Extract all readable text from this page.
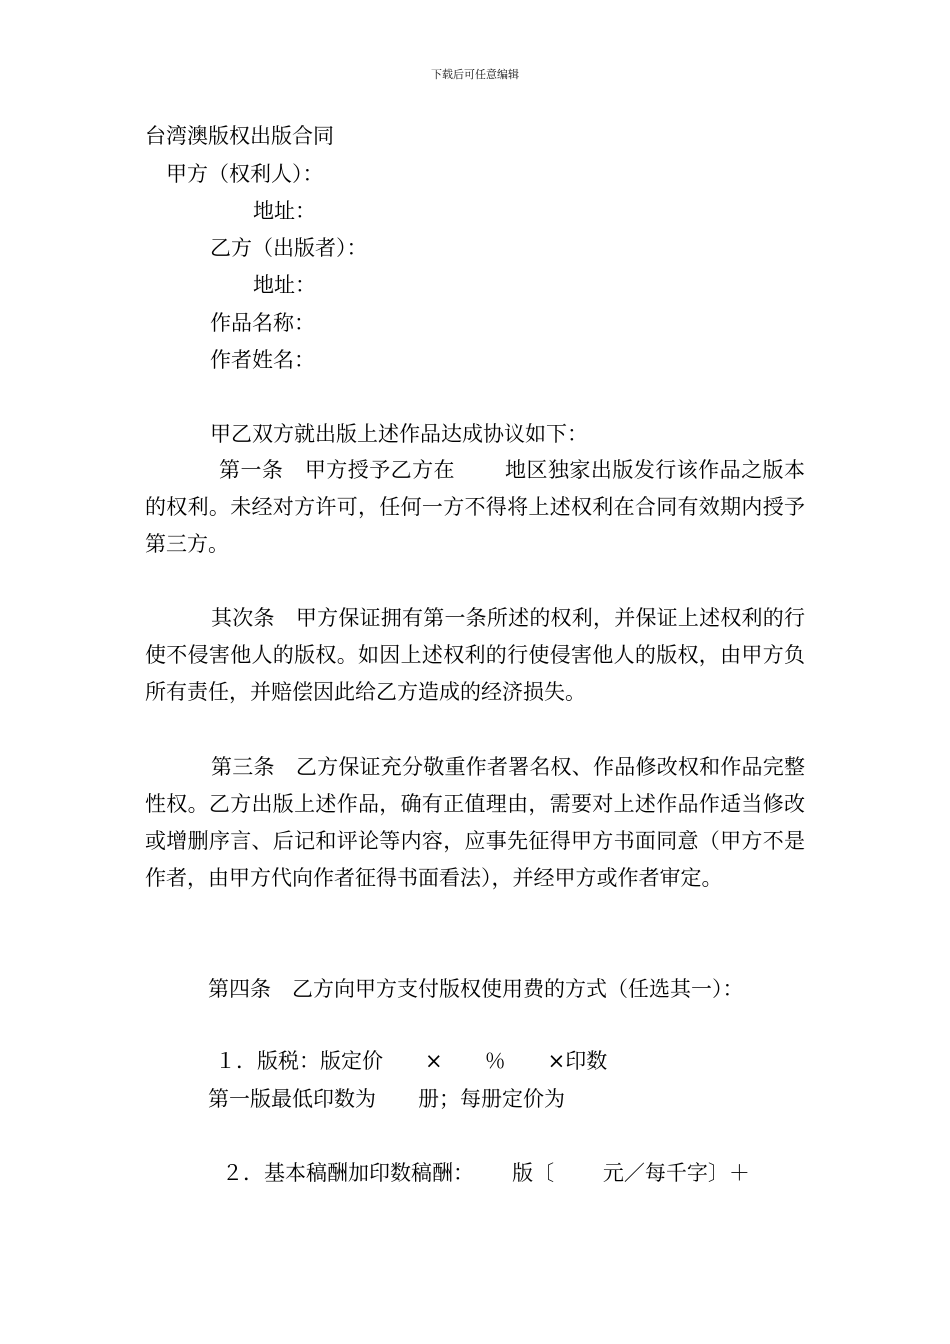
下载后可任意编辑
台湾澳版权出版合同
甲方（权利人）：
地址：
乙方（出版者）：
地址：
作品名称：
作者姓名：
甲乙双方就出版上述作品达成协议如下：
第一条　甲方授予乙方在　　 地区独家出版发行该作品之版本的权利。未经对方许可，任何一方不得将上述权利在合同有效期内授予第三方。
其次条　甲方保证拥有第一条所述的权利，并保证上述权利的行使不侵害他人的版权。如因上述权利的行使侵害他人的版权，由甲方负所有责任，并赔偿因此给乙方造成的经济损失。
第三条　乙方保证充分敬重作者署名权、作品修改权和作品完整性权。乙方出版上述作品，确有正值理由，需要对上述作品作适当修改或增删序言、后记和评论等内容，应事先征得甲方书面同意（甲方不是作者，由甲方代向作者征得书面看法），并经甲方或作者审定。
第四条　乙方向甲方支付版权使用费的方式（任选其一）：
１．版税：版定价　　×　　％　　×印数
第一版最低印数为　　册；每册定价为
２．基本稿酬加印数稿酬：　　 版〔　　 元／每千字〕＋
